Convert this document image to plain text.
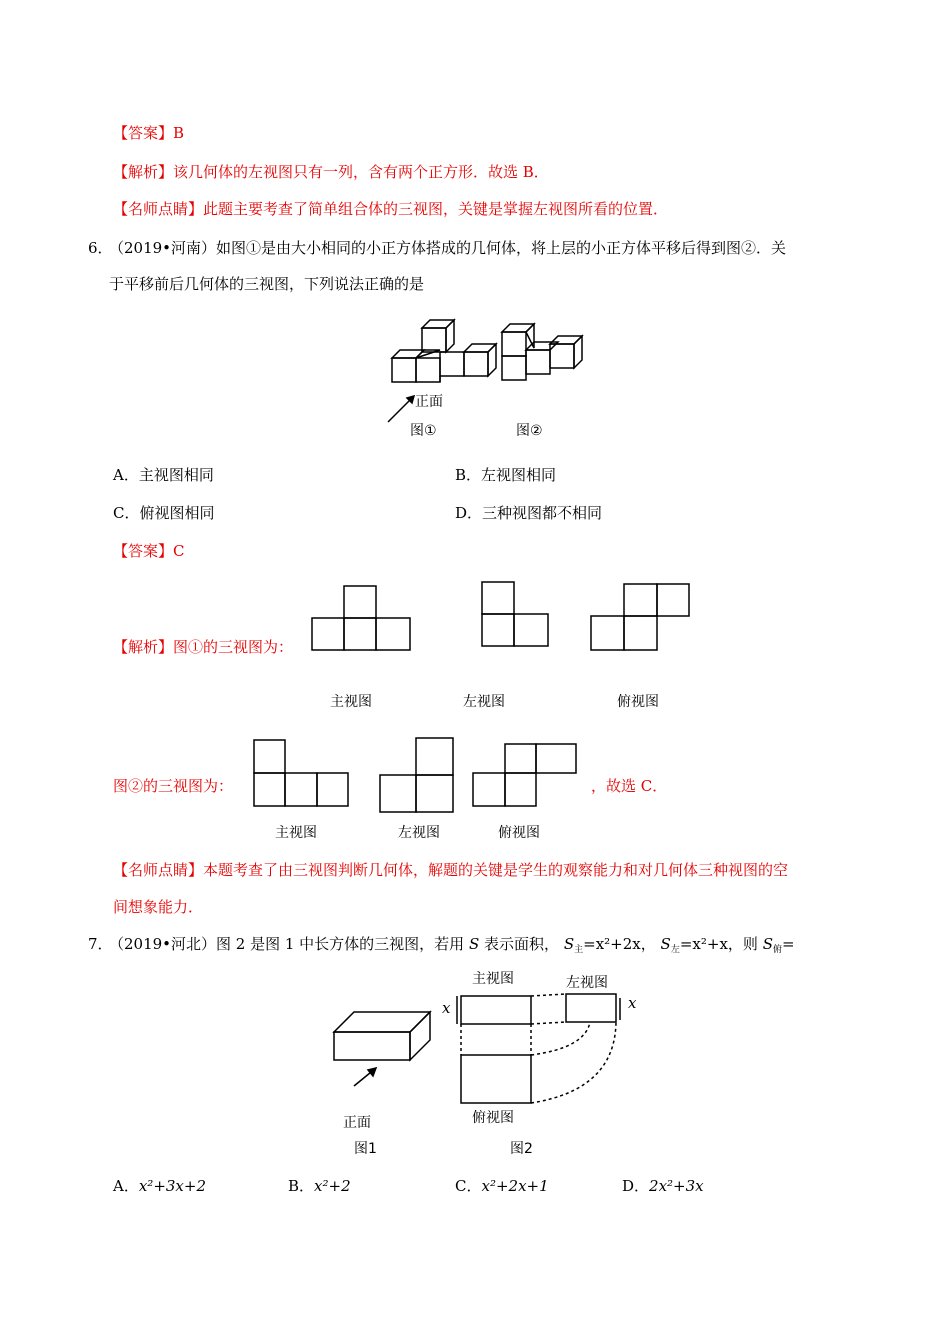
【答案】B
【解析】该几何体的左视图只有一列，含有两个正方形．故选 B．
【名师点睛】此题主要考查了简单组合体的三视图，关键是掌握左视图所看的位置．
6．
（2019•河南）如图①是由大小相同的小正方体搭成的几何体，将上层的小正方体平移后得到图②．关
于平移前后几何体的三视图，下列说法正确的是
正面
图①	图②
A．主视图相同	B．左视图相同
C．俯视图相同	D．三种视图都不相同
【答案】C
【解析】图①的三视图为：
主视图	左视图	俯视图
图②的三视图为：	，故选 C．
主视图	左视图	俯视图
【名师点睛】本题考查了由三视图判断几何体，解题的关键是学生的观察能力和对几何体三种视图的空
间想象能力．
7．
（2019•河北）图 2 是图 1 中长方体的三视图，若用 S 表示面积， $S_主=x^2+2x$， $S_左=x^2+x$，则 $S_俯=$
主视图	左视图
俯视图
x	x
正面
图1	图2
A．x²+3x+2	B．x²+2	C．x²+2x+1	D．2x²+3x
